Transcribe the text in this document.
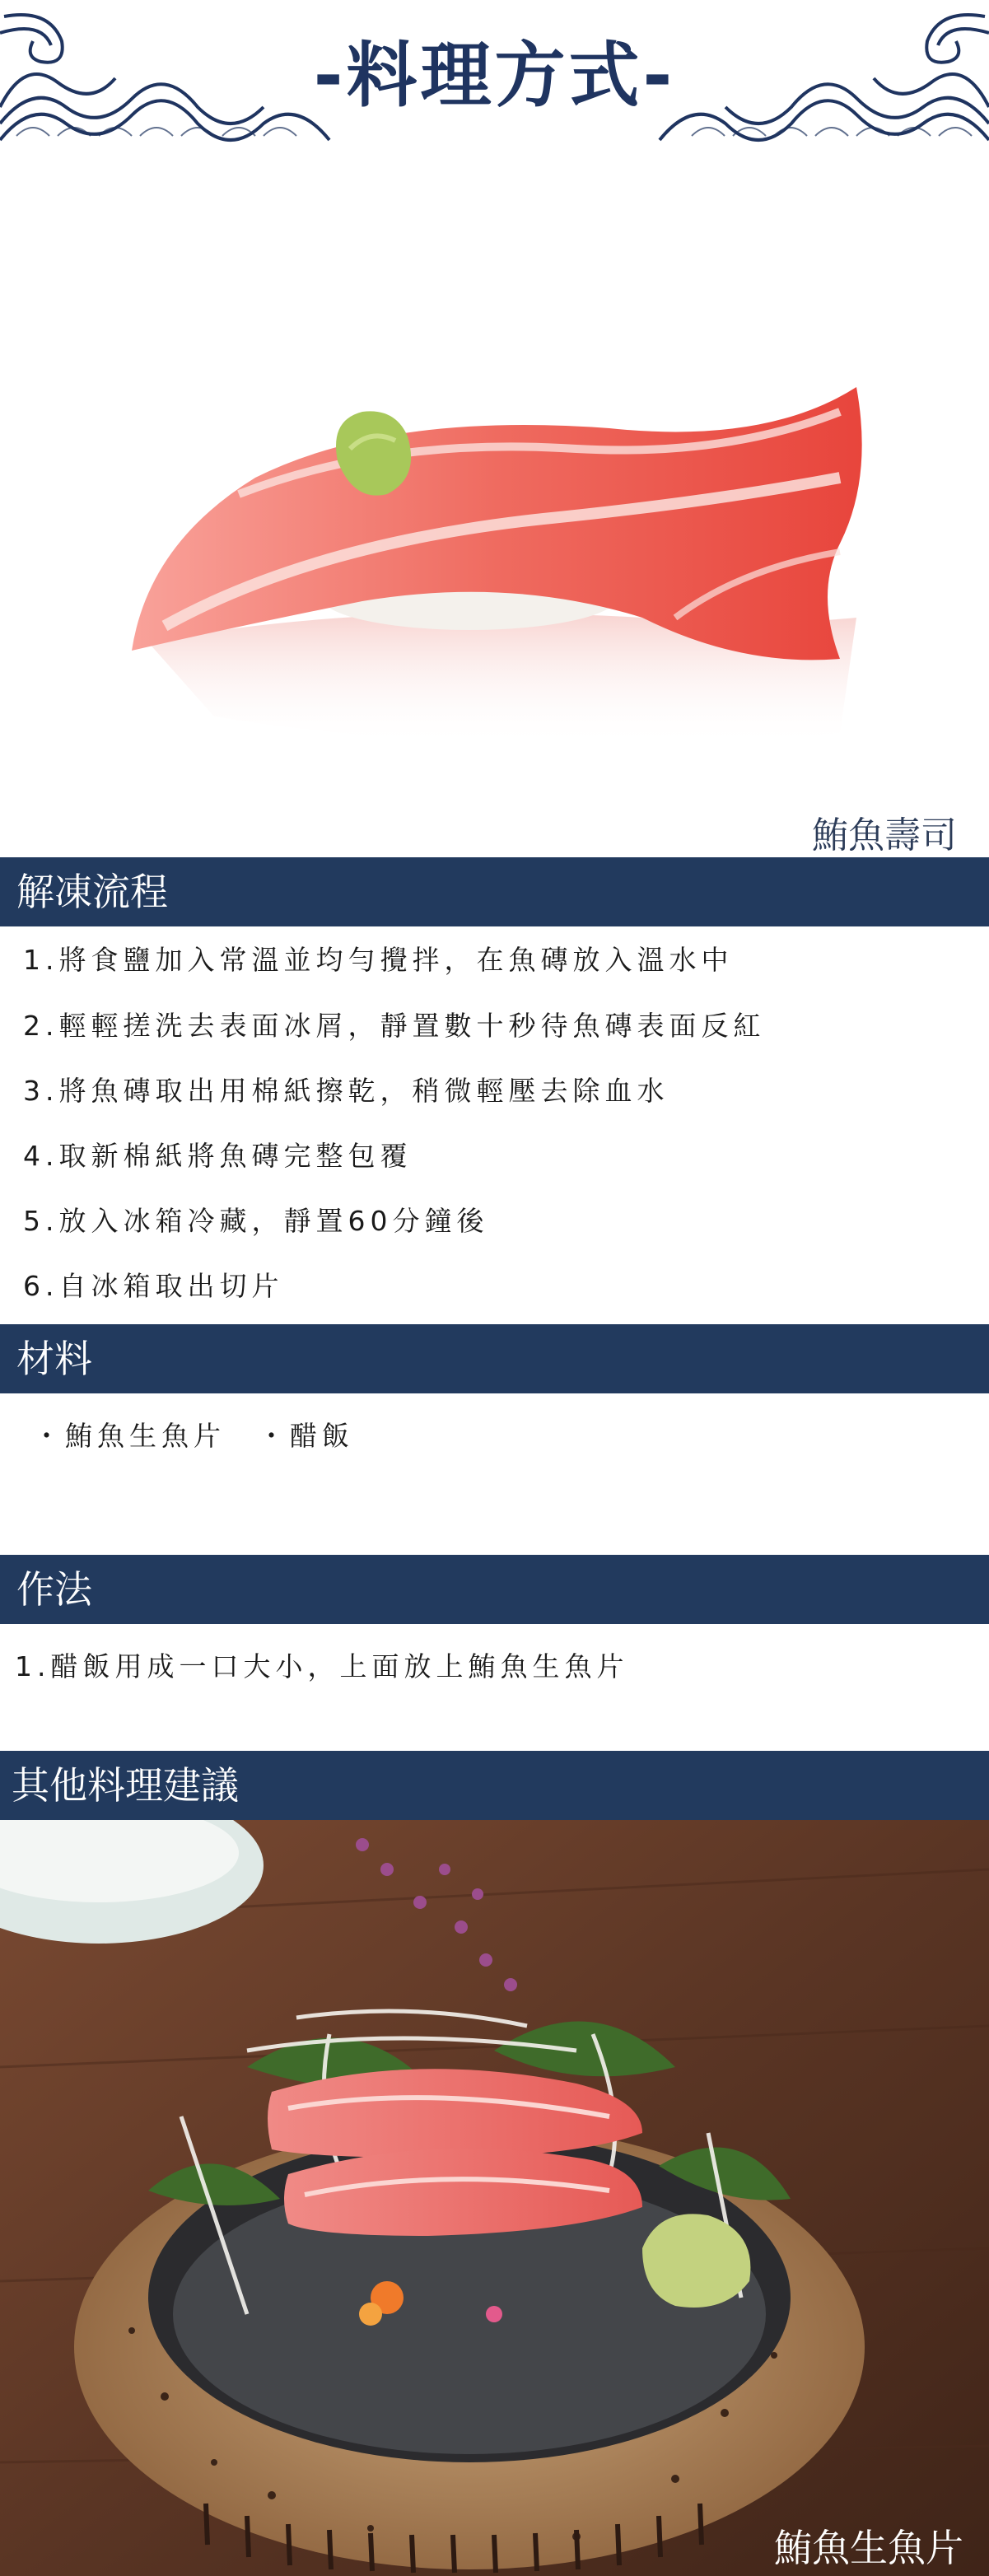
-料理方式-
鮪魚壽司
解凍流程
1.將食鹽加入常溫並均勻攪拌，在魚磚放入溫水中
2.輕輕搓洗去表面冰屑，靜置數十秒待魚磚表面反紅
3.將魚磚取出用棉紙擦乾，稍微輕壓去除血水
4.取新棉紙將魚磚完整包覆
5.放入冰箱冷藏，靜置60分鐘後
6.自冰箱取出切片
材料
・鮪魚生魚片　・醋飯
作法
1.醋飯用成一口大小，上面放上鮪魚生魚片
其他料理建議
鮪魚生魚片
